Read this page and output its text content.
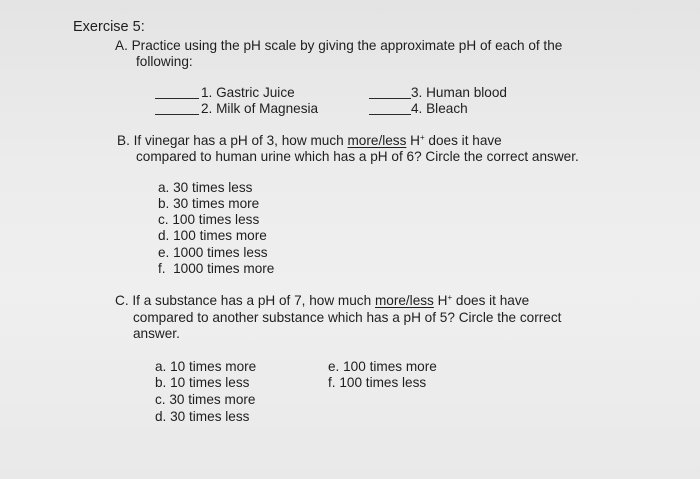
Exercise 5:
A. Practice using the pH scale by giving the approximate pH of each of the
following:
1. Gastric Juice
2. Milk of Magnesia
3. Human blood
4. Bleach
B. If vinegar has a pH of 3, how much more/less H+ does it have
compared to human urine which has a pH of 6? Circle the correct answer.
a. 30 times less
b. 30 times more
c. 100 times less
d. 100 times more
e. 1000 times less
f.  1000 times more
C. If a substance has a pH of 7, how much more/less H+ does it have
compared to another substance which has a pH of 5? Circle the correct
answer.
a. 10 times more
b. 10 times less
c. 30 times more
d. 30 times less
e. 100 times more
f. 100 times less
